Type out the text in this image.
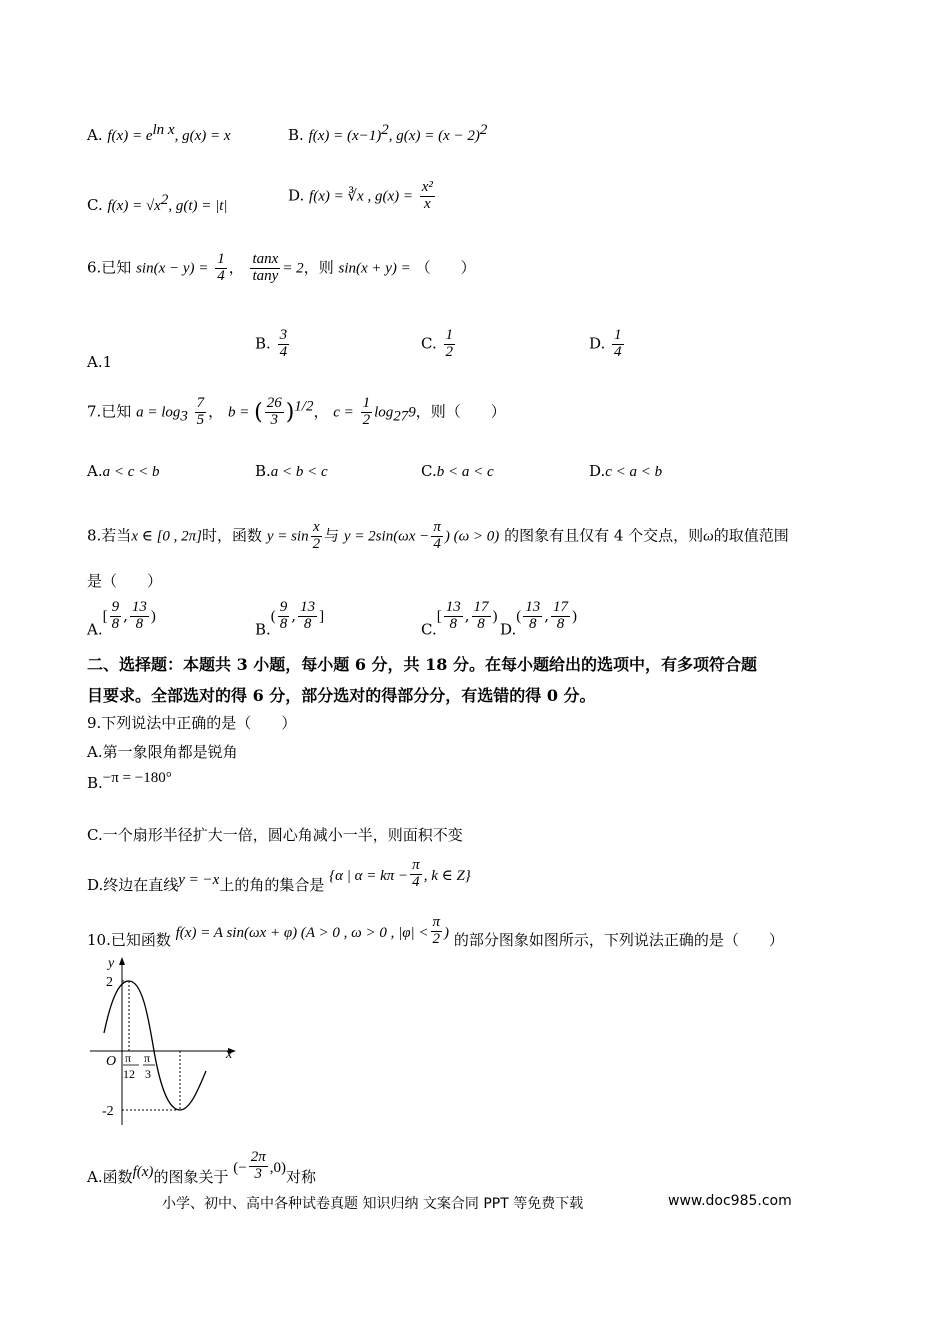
A. $f(x) = e^{ln x}$, g(x) = x	B. $f(x) = (x-1)^2$, $g(x) = (x - 2)^2$
C. $f(x) = √x^2$, g(t) = |t|
D. f(x) = ∛x , $g(x) = \frac{\text{x²}}{x}$
6.已知 $\sin(x - y) = \frac{1}{4}$ ， $\frac{\tan x}{\tan y} = 2$，则 sin(x + y) = （　　）
A.1
B. $\frac{3}{4}$	C. $\frac{1}{2}$	D. $\frac{1}{4}$
7.已知 $a = \log_3 \frac{7}{5}$ ， b = ( $\frac{26}{3} )^{1/2}$， $c = \frac{1}{2} \log_{27}9$，则（　　）
A.a < c < b	B.a < b < c	C.b < a < c	D.c < a < b
8.若当x ∈ [0 , 2π]时，函数 $y = \sin \frac{x}{2}$ 与 $y = 2\sin(\omega x - \frac{\pi}{4}$ ) (ω > 0) 的图象有且仅有 4 个交点，则ω的取值范围
是（　　）
$A.[ \frac{9}{8}$ , $\frac{13}{8}$ )
$B.( \frac{9}{8}$ , $\frac{13}{8}$ ]
$C.[ \frac{13}{8}$ , $\frac{17}{8}$ )
$D.( \frac{13}{8}$ , $\frac{17}{8}$ )
二、选择题：本题共 3 小题，每小题 6 分，共 18 分。在每小题给出的选项中，有多项符合题
目要求。全部选对的得 6 分，部分选对的得部分分，有选错的得 0 分。
9.下列说法中正确的是（　　）
A.第一象限角都是锐角
B.−π = −180°
C.一个扇形半径扩大一倍，圆心角减小一半，则面积不变
D.终边在直线y = −x上的角的集合是 {α | $\alpha = k\pi - \frac{\pi}{4}$ , k ∈ Z}
10.已知函数 f(x) = A sin(ωx + φ) (A > 0 , ω > 0 , $|\varphi| < \frac{\pi}{2}$ ) 的部分图象如图所示，下列说法正确的是（　　）
y
x
O
2
-2
π
12
π
3
A.函数f(x)的图象关于 (− $\frac{2\pi}{3} ,0$)对称
小学、初中、高中各种试卷真题 知识归纳 文案合同 PPT 等免费下载	www.doc985.com
